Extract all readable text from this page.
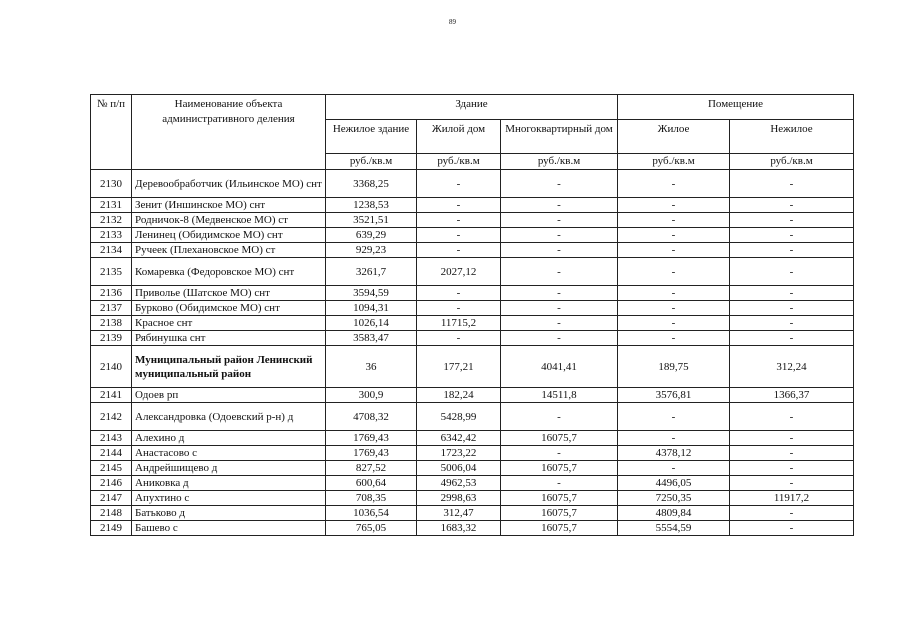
89
№ п/п	Наименование объекта административного деления	Здание			Помещение	
		Нежилое здание	Жилой дом	Многоквартирный дом	Жилое	Нежилое
		руб./кв.м	руб./кв.м	руб./кв.м	руб./кв.м	руб./кв.м
2130	Деревообработчик (Ильинское МО) снт	3368,25	-	-	-	-
2131	Зенит (Иншинское МО) снт	1238,53	-	-	-	-
2132	Родничок-8 (Медвенское МО) ст	3521,51	-	-	-	-
2133	Ленинец (Обидимское МО) снт	639,29	-	-	-	-
2134	Ручеек (Плехановское МО) ст	929,23	-	-	-	-
2135	Комаревка (Федоровское МО) снт	3261,7	2027,12	-	-	-
2136	Приволье (Шатское МО) снт	3594,59	-	-	-	-
2137	Бурково (Обидимское МО) снт	1094,31	-	-	-	-
2138	Красное снт	1026,14	11715,2	-	-	-
2139	Рябинушка снт	3583,47	-	-	-	-
2140	Муниципальный район Ленинский муниципальный район	36	177,21	4041,41	189,75	312,24
2141	Одоев рп	300,9	182,24	14511,8	3576,81	1366,37
2142	Александровка (Одоевский р-н) д	4708,32	5428,99	-	-	-
2143	Алехино д	1769,43	6342,42	16075,7	-	-
2144	Анастасово с	1769,43	1723,22	-	4378,12	-
2145	Андрейшищево д	827,52	5006,04	16075,7	-	-
2146	Аниковка д	600,64	4962,53	-	4496,05	-
2147	Апухтино с	708,35	2998,63	16075,7	7250,35	11917,2
2148	Батьково д	1036,54	312,47	16075,7	4809,84	-
2149	Башево с	765,05	1683,32	16075,7	5554,59	-
